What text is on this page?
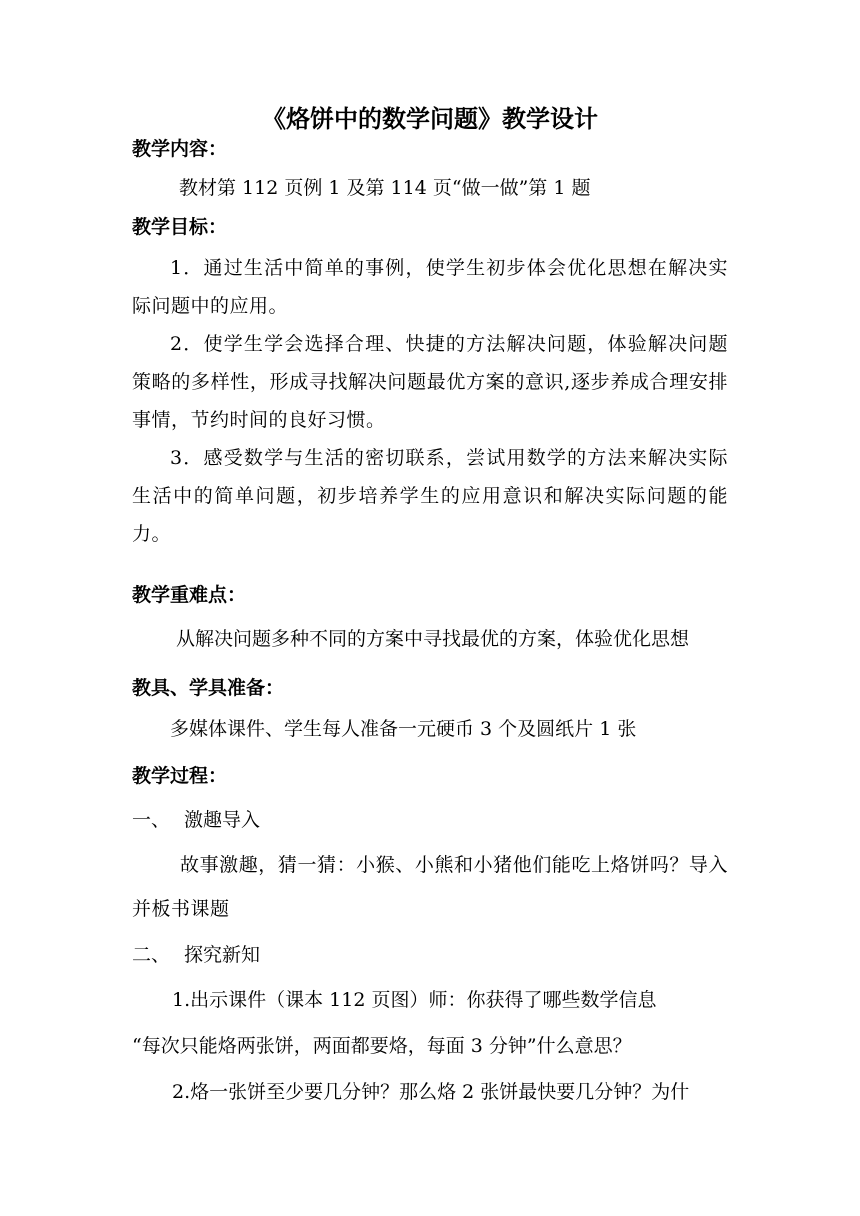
《烙饼中的数学问题》教学设计
教学内容：
教材第 112 页例 1 及第 114 页“做一做”第 1 题
教学目标：
1．通过生活中简单的事例，使学生初步体会优化思想在解决实际问题中的应用。
2．使学生学会选择合理、快捷的方法解决问题，体验解决问题策略的多样性，形成寻找解决问题最优方案的意识,逐步养成合理安排事情，节约时间的良好习惯。
3．感受数学与生活的密切联系，尝试用数学的方法来解决实际生活中的简单问题，初步培养学生的应用意识和解决实际问题的能力。
教学重难点：
从解决问题多种不同的方案中寻找最优的方案，体验优化思想
教具、学具准备：
多媒体课件、学生每人准备一元硬币 3 个及圆纸片 1 张
教学过程：
一、 激趣导入
故事激趣，猜一猜：小猴、小熊和小猪他们能吃上烙饼吗？导入并板书课题
二、 探究新知
1.出示课件（课本 112 页图）师：你获得了哪些数学信息
“每次只能烙两张饼，两面都要烙，每面 3 分钟”什么意思？
2.烙一张饼至少要几分钟？那么烙 2 张饼最快要几分钟？为什
